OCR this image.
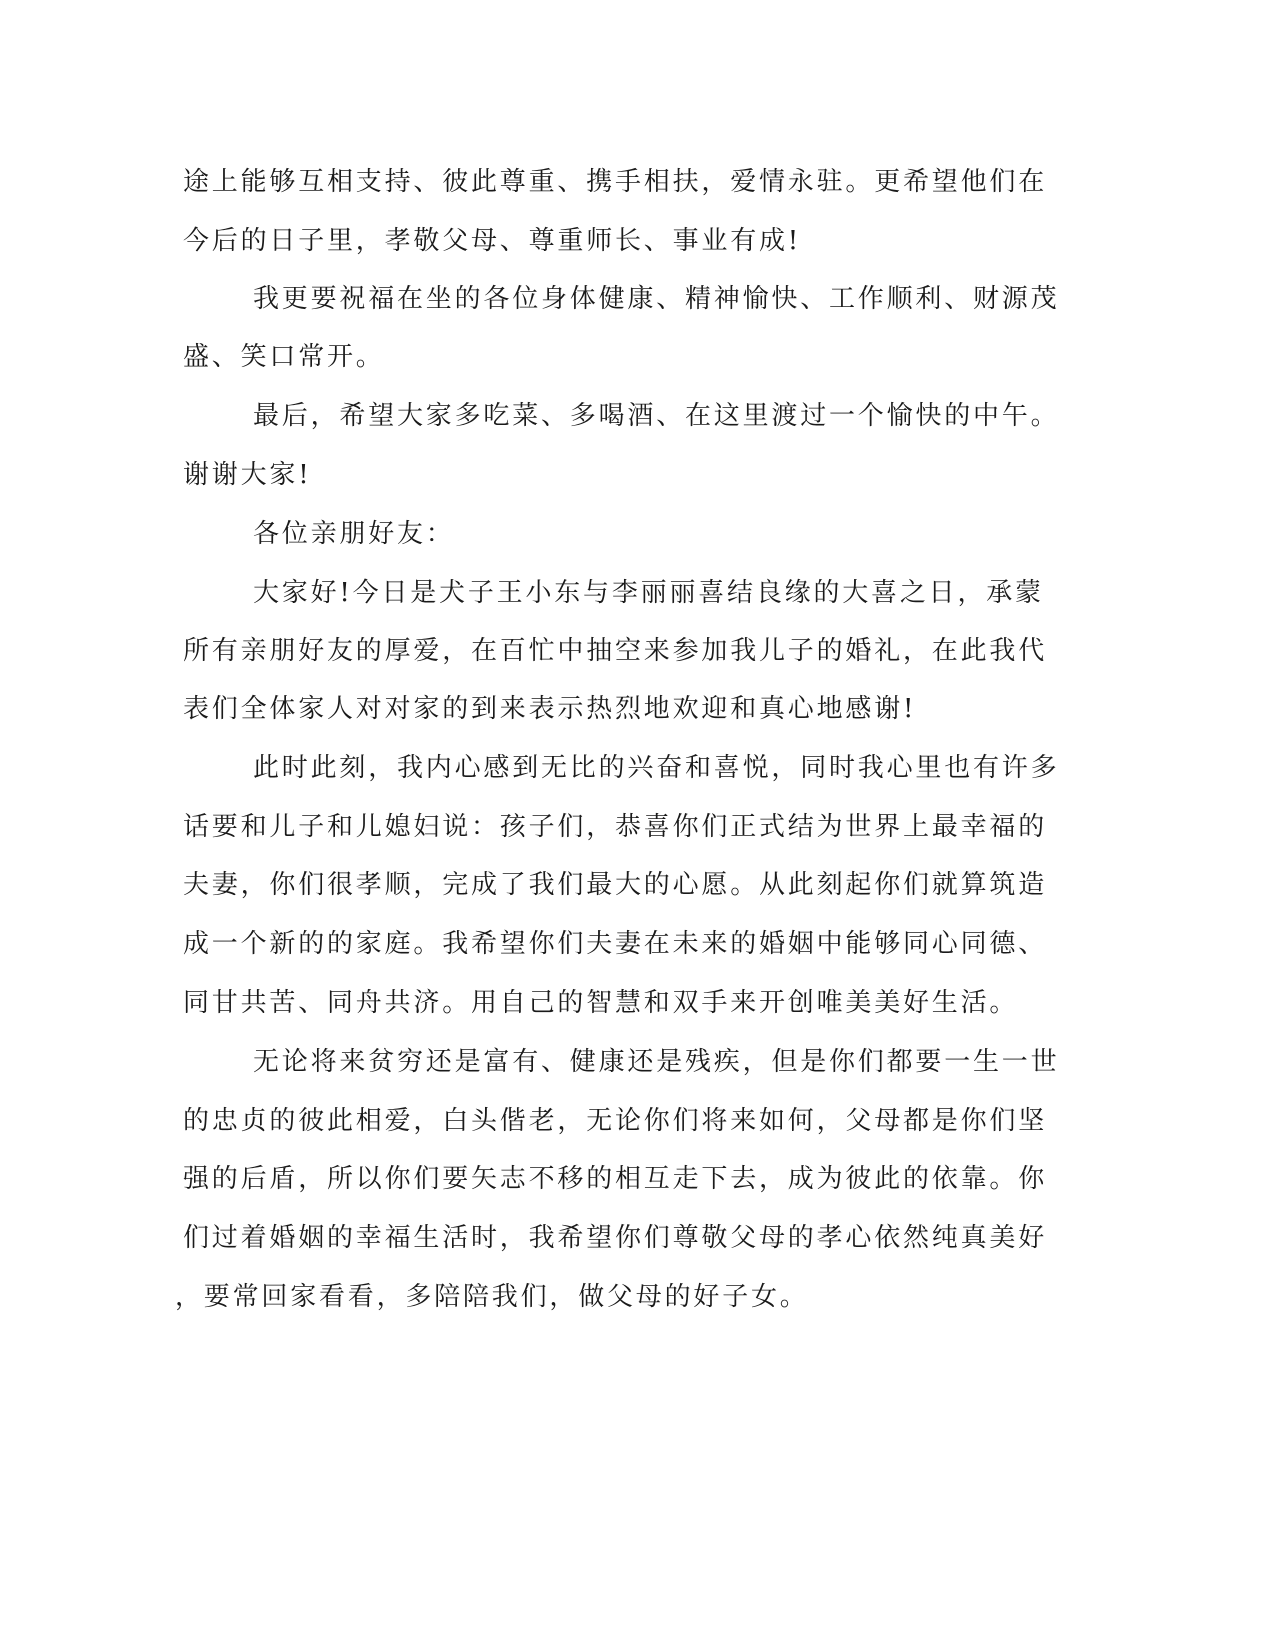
途上能够互相支持、彼此尊重、携手相扶，爱情永驻。更希望他们在
今后的日子里，孝敬父母、尊重师长、事业有成!
我更要祝福在坐的各位身体健康、精神愉快、工作顺利、财源茂
盛、笑口常开。
最后，希望大家多吃菜、多喝酒、在这里渡过一个愉快的中午。
谢谢大家!
各位亲朋好友：
大家好!今日是犬子王小东与李丽丽喜结良缘的大喜之日，承蒙
所有亲朋好友的厚爱，在百忙中抽空来参加我儿子的婚礼，在此我代
表们全体家人对对家的到来表示热烈地欢迎和真心地感谢!
此时此刻，我内心感到无比的兴奋和喜悦，同时我心里也有许多
话要和儿子和儿媳妇说：孩子们，恭喜你们正式结为世界上最幸福的
夫妻，你们很孝顺，完成了我们最大的心愿。从此刻起你们就算筑造
成一个新的的家庭。我希望你们夫妻在未来的婚姻中能够同心同德、
同甘共苦、同舟共济。用自己的智慧和双手来开创唯美美好生活。
无论将来贫穷还是富有、健康还是残疾，但是你们都要一生一世
的忠贞的彼此相爱，白头偕老，无论你们将来如何，父母都是你们坚
强的后盾，所以你们要矢志不移的相互走下去，成为彼此的依靠。你
们过着婚姻的幸福生活时，我希望你们尊敬父母的孝心依然纯真美好
，要常回家看看，多陪陪我们，做父母的好子女。
